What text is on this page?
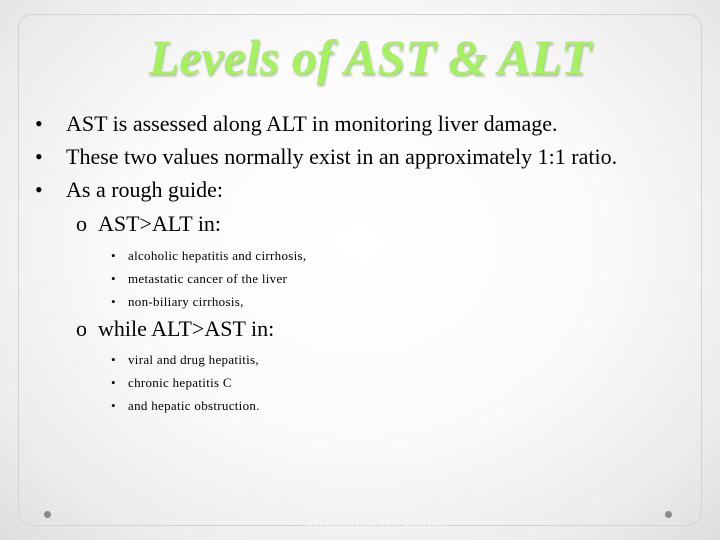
Levels of AST & ALT
• AST is assessed along ALT in monitoring liver damage.
• These two values normally exist in an approximately 1:1 ratio.
• As a rough guide:
o AST>ALT in:
• alcoholic hepatitis and cirrhosis,
• metastatic cancer of the liver
• non-biliary cirrhosis,
o while ALT>AST in:
• viral and drug hepatitis,
• chronic hepatitis C
• and hepatic obstruction.
Mohammed Laqqan
